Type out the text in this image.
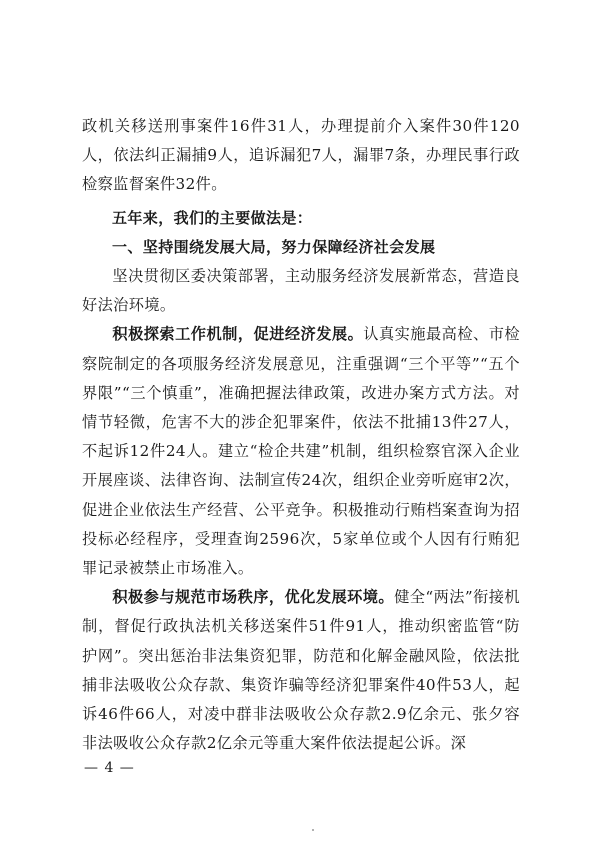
政机关移送刑事案件16件31人，办理提前介入案件30件120人，依法纠正漏捕9人，追诉漏犯7人，漏罪7条，办理民事行政检察监督案件32件。

五年来，我们的主要做法是：

一、坚持围绕发展大局，努力保障经济社会发展

坚决贯彻区委决策部署，主动服务经济发展新常态，营造良好法治环境。

积极探索工作机制，促进经济发展。认真实施最高检、市检察院制定的各项服务经济发展意见，注重强调“三个平等”“五个界限”“三个慎重”，准确把握法律政策，改进办案方式方法。对情节轻微，危害不大的涉企犯罪案件，依法不批捕13件27人，不起诉12件24人。建立“检企共建”机制，组织检察官深入企业开展座谈、法律咨询、法制宣传24次，组织企业旁听庭审2次，促进企业依法生产经营、公平竞争。积极推动行贿档案查询为招投标必经程序，受理查询2596次，5家单位或个人因有行贿犯罪记录被禁止市场准入。

积极参与规范市场秩序，优化发展环境。健全“两法”衔接机制，督促行政执法机关移送案件51件91人，推动织密监管“防护网”。突出惩治非法集资犯罪，防范和化解金融风险，依法批捕非法吸收公众存款、集资诈骗等经济犯罪案件40件53人，起诉46件66人，对凌中群非法吸收公众存款2.9亿余元、张夕容非法吸收公众存款2亿余元等重大案件依法提起公诉。深

— 4 —
